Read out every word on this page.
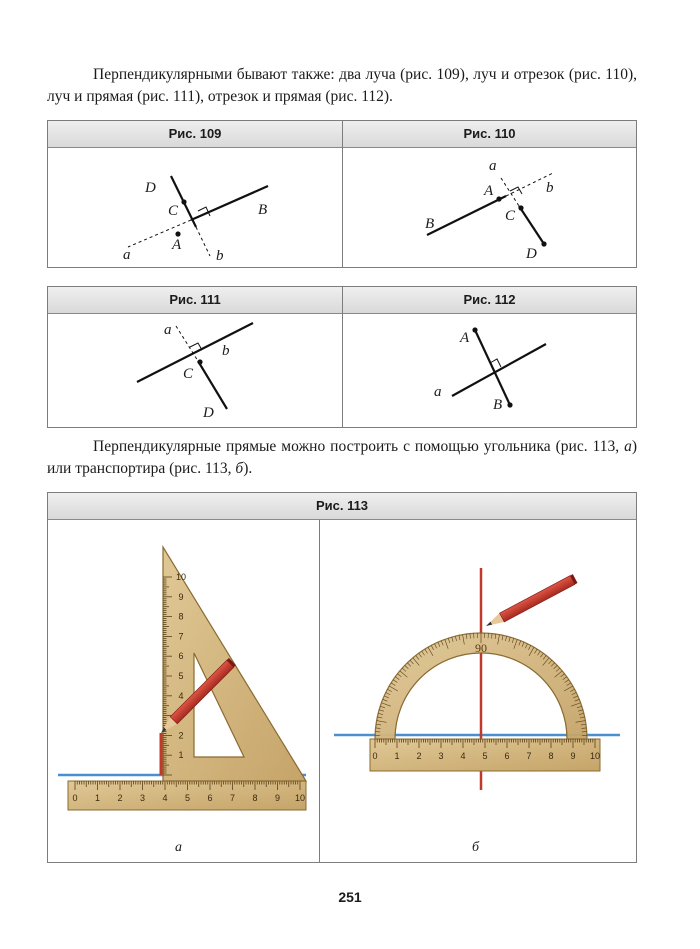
Перпендикулярными бывают также: два луча (рис. 109), луч и отрезок (рис. 110), луч и прямая (рис. 111), отрезок и прямая (рис. 112).

Рис. 109
D
C	B
a
A
b
Рис. 110
a
A	b
B	C
D
Рис. 111
a
b
C
D
Рис. 112
A
a
B

Перпендикулярные прямые можно построить с помощью угольника (рис. 113, а) или транспортира (рис. 113, б).

Рис. 113
0 1 2 3 4 5 6 7 8 9 10
1
2
4
5
6
7
8
9
10
90
0 1 2 3 4 5 6 7 8 9 10
а	б
251
